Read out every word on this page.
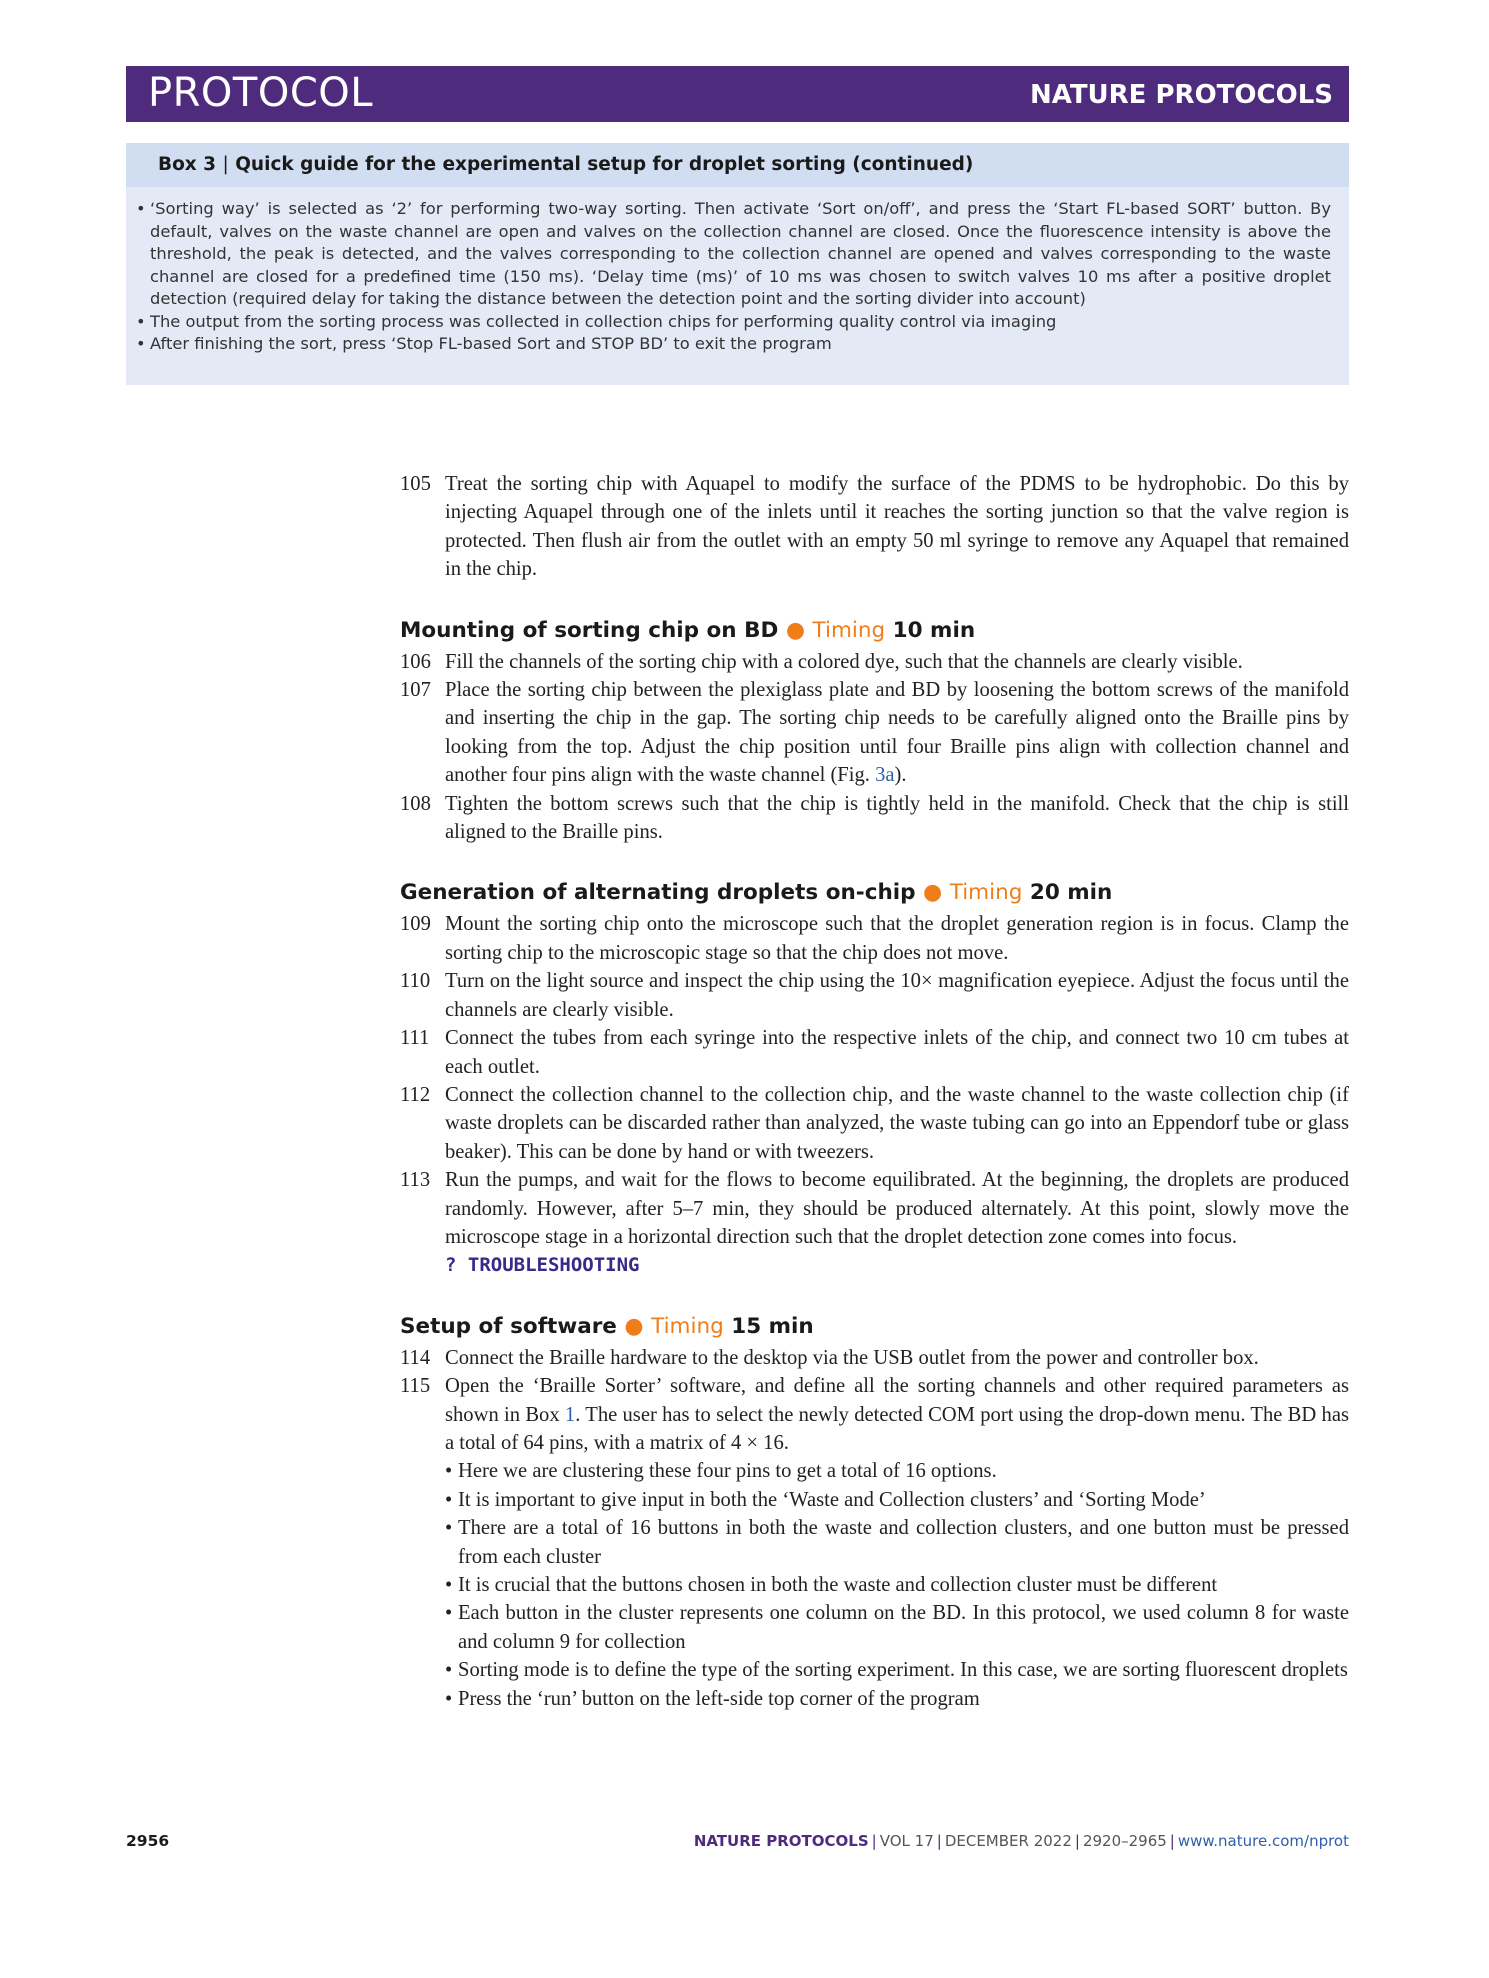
PROTOCOL	NATURE PROTOCOLS
Box 3 | Quick guide for the experimental setup for droplet sorting (continued)
• ‘Sorting way’ is selected as ‘2’ for performing two-way sorting. Then activate ‘Sort on/off’, and press the ‘Start FL-based SORT’ button. By default, valves on the waste channel are open and valves on the collection channel are closed. Once the fluorescence intensity is above the threshold, the peak is detected, and the valves corresponding to the collection channel are opened and valves corresponding to the waste channel are closed for a predefined time (150 ms). ‘Delay time (ms)’ of 10 ms was chosen to switch valves 10 ms after a positive droplet detection (required delay for taking the distance between the detection point and the sorting divider into account)
• The output from the sorting process was collected in collection chips for performing quality control via imaging
• After finishing the sort, press ‘Stop FL-based Sort and STOP BD’ to exit the program
105 Treat the sorting chip with Aquapel to modify the surface of the PDMS to be hydrophobic. Do this by injecting Aquapel through one of the inlets until it reaches the sorting junction so that the valve region is protected. Then flush air from the outlet with an empty 50 ml syringe to remove any Aquapel that remained in the chip.
Mounting of sorting chip on BD ● Timing 10 min
106 Fill the channels of the sorting chip with a colored dye, such that the channels are clearly visible.
107 Place the sorting chip between the plexiglass plate and BD by loosening the bottom screws of the manifold and inserting the chip in the gap. The sorting chip needs to be carefully aligned onto the Braille pins by looking from the top. Adjust the chip position until four Braille pins align with collection channel and another four pins align with the waste channel (Fig. 3a).
108 Tighten the bottom screws such that the chip is tightly held in the manifold. Check that the chip is still aligned to the Braille pins.
Generation of alternating droplets on-chip ● Timing 20 min
109 Mount the sorting chip onto the microscope such that the droplet generation region is in focus. Clamp the sorting chip to the microscopic stage so that the chip does not move.
110 Turn on the light source and inspect the chip using the 10× magnification eyepiece. Adjust the focus until the channels are clearly visible.
111 Connect the tubes from each syringe into the respective inlets of the chip, and connect two 10 cm tubes at each outlet.
112 Connect the collection channel to the collection chip, and the waste channel to the waste collection chip (if waste droplets can be discarded rather than analyzed, the waste tubing can go into an Eppendorf tube or glass beaker). This can be done by hand or with tweezers.
113 Run the pumps, and wait for the flows to become equilibrated. At the beginning, the droplets are produced randomly. However, after 5–7 min, they should be produced alternately. At this point, slowly move the microscope stage in a horizontal direction such that the droplet detection zone comes into focus.
? TROUBLESHOOTING
Setup of software ● Timing 15 min
114 Connect the Braille hardware to the desktop via the USB outlet from the power and controller box.
115 Open the ‘Braille Sorter’ software, and define all the sorting channels and other required parameters as shown in Box 1. The user has to select the newly detected COM port using the drop-down menu. The BD has a total of 64 pins, with a matrix of 4 × 16.
• Here we are clustering these four pins to get a total of 16 options.
• It is important to give input in both the ‘Waste and Collection clusters’ and ‘Sorting Mode’
• There are a total of 16 buttons in both the waste and collection clusters, and one button must be pressed from each cluster
• It is crucial that the buttons chosen in both the waste and collection cluster must be different
• Each button in the cluster represents one column on the BD. In this protocol, we used column 8 for waste and column 9 for collection
• Sorting mode is to define the type of the sorting experiment. In this case, we are sorting fluorescent droplets
• Press the ‘run’ button on the left-side top corner of the program
2956	NATURE PROTOCOLS | VOL 17 | DECEMBER 2022 | 2920–2965 | www.nature.com/nprot
